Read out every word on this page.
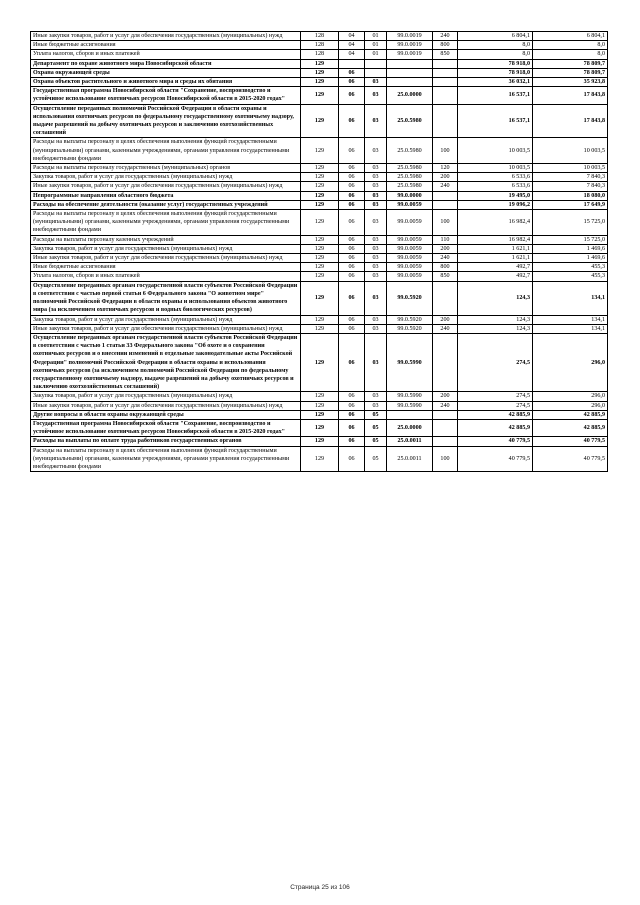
Иные закупки товаров, работ и услуг для обеспечения государственных (муниципальных) нужд	128	04	01	99.0.0019	240	6 804,1	6 804,1
Иные бюджетные ассигнования	128	04	01	99.0.0019	800	8,0	8,0
Уплата налогов, сборов и иных платежей	128	04	01	99.0.0019	850	8,0	8,0
Департамент по охране животного мира Новосибирской области	129					78 918,0	78 809,7
Охрана окружающей среды	129	06				78 918,0	78 809,7
Охрана объектов растительного и животного мира и среды их обитания	129	06	03			36 032,1	35 923,8
Государственная программа Новосибирской области "Сохранение, воспроизводство и устойчивое использование охотничьих ресурсов Новосибирской области в 2015-2020 годах"	129	06	03	25.0.0000		16 537,1	17 843,8
Осуществление переданных полномочий Российской Федерации в области охраны и использования охотничьих ресурсов по федеральному государственному охотничьему надзору, выдаче разрешений на добычу охотничьих ресурсов и заключению охотхозяйственных соглашений	129	06	03	25.0.5980		16 537,1	17 843,8
Расходы на выплаты персоналу в целях обеспечения выполнения функций государственными (муниципальными) органами, казенными учреждениями, органами управления государственными внебюджетными фондами	129	06	03	25.0.5980	100	10 003,5	10 003,5
Расходы на выплаты персоналу государственных (муниципальных) органов	129	06	03	25.0.5980	120	10 003,5	10 003,5
Закупка товаров, работ и услуг для государственных (муниципальных) нужд	129	06	03	25.0.5980	200	6 533,6	7 840,3
Иные закупки товаров, работ и услуг для обеспечения государственных (муниципальных) нужд	129	06	03	25.0.5980	240	6 533,6	7 840,3
Непрограммные направления областного бюджета	129	06	03	99.0.0000		19 495,0	18 080,0
Расходы на обеспечение деятельности (оказание услуг) государственных учреждений	129	06	03	99.0.0059		19 096,2	17 649,9
Расходы на выплаты персоналу в целях обеспечения выполнения функций государственными (муниципальными) органами, казенными учреждениями, органами управления государственными внебюджетными фондами	129	06	03	99.0.0059	100	16 982,4	15 725,0
Расходы на выплаты персоналу казенных учреждений	129	06	03	99.0.0059	110	16 982,4	15 725,0
Закупка товаров, работ и услуг для государственных (муниципальных) нужд	129	06	03	99.0.0059	200	1 621,1	1 469,6
Иные закупки товаров, работ и услуг для обеспечения государственных (муниципальных) нужд	129	06	03	99.0.0059	240	1 621,1	1 469,6
Иные бюджетные ассигнования	129	06	03	99.0.0059	800	492,7	455,3
Уплата налогов, сборов и иных платежей	129	06	03	99.0.0059	850	492,7	455,3
Осуществление переданных органам государственной власти субъектов Российской Федерации в соответствии с частью первой статьи 6 Федерального закона "О животном мире" полномочий Российской Федерации в области охраны и использования объектов животного мира (за исключением охотничьих ресурсов и водных биологических ресурсов)	129	06	03	99.0.5920		124,3	134,1
Закупка товаров, работ и услуг для государственных (муниципальных) нужд	129	06	03	99.0.5920	200	124,3	134,1
Иные закупки товаров, работ и услуг для обеспечения государственных (муниципальных) нужд	129	06	03	99.0.5920	240	124,3	134,1
Осуществление переданных органам государственной власти субъектов Российской Федерации в соответствии с частью 1 статьи 33 Федерального закона "Об охоте и о сохранении охотничьих ресурсов и о внесении изменений в отдельные законодательные акты Российской Федерации" полномочий Российской Федерации в области охраны и использования охотничьих ресурсов (за исключением полномочий Российской Федерации по федеральному государственному охотничьему надзору, выдаче разрешений на добычу охотничьих ресурсов и заключению охотхозяйственных соглашений)	129	06	03	99.0.5990		274,5	296,0
Закупка товаров, работ и услуг для государственных (муниципальных) нужд	129	06	03	99.0.5990	200	274,5	296,0
Иные закупки товаров, работ и услуг для обеспечения государственных (муниципальных) нужд	129	06	03	99.0.5990	240	274,5	296,0
Другие вопросы в области охраны окружающей среды	129	06	05			42 885,9	42 885,9
Государственная программа Новосибирской области "Сохранение, воспроизводство и устойчивое использование охотничьих ресурсов Новосибирской области в 2015-2020 годах"	129	06	05	25.0.0000		42 885,9	42 885,9
Расходы на выплаты по оплате труда работников государственных органов	129	06	05	25.0.0011		40 779,5	40 779,5
Расходы на выплаты персоналу в целях обеспечения выполнения функций государственными (муниципальными) органами, казенными учреждениями, органами управления государственными внебюджетными фондами	129	06	05	25.0.0011	100	40 779,5	40 779,5
Страница 25 из 106
